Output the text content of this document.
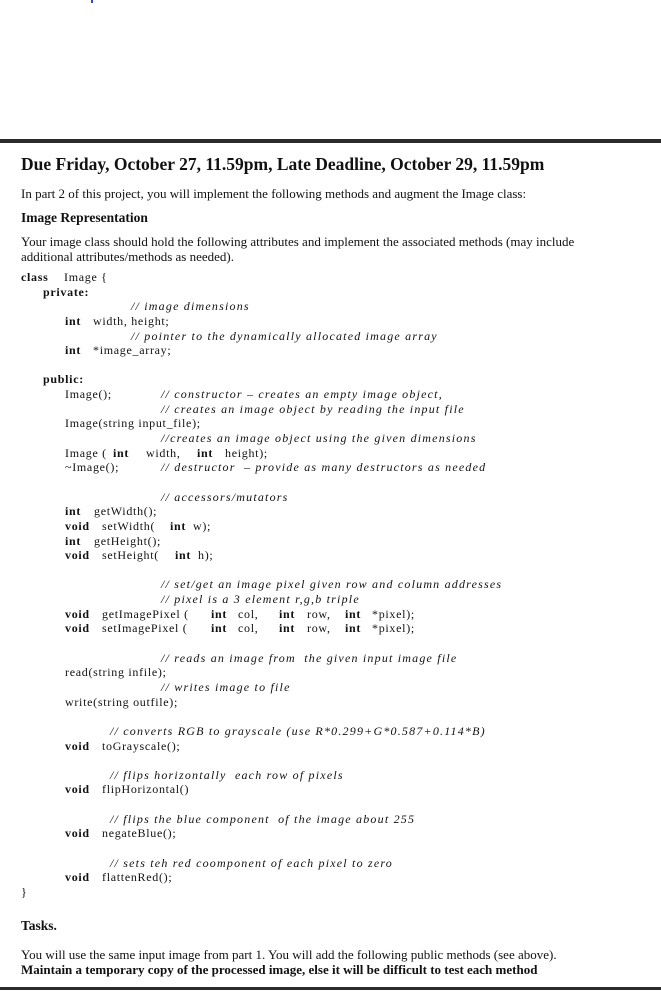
Due Friday, October 27, 11.59pm, Late Deadline, October 29, 11.59pm
In part 2 of this project, you will implement the following methods and augment the Image class:
Image Representation
Your image class should hold the following attributes and implement the associated methods (may include
additional attributes/methods as needed).
class Image {
private:
// image dimensions
int width, height;
// pointer to the dynamically allocated image array
int *image_array;
public:
Image();	// constructor – creates an empty image object,
// creates an image object by reading the input file
Image(string input_file);
//creates an image object using the given dimensions
Image ( int width, int height);
~Image();	// destructor  – provide as many destructors as needed
// accessors/mutators
int getWidth();
void setWidth( int w);
int getHeight();
void setHeight( int h);
// set/get an image pixel given row and column addresses
// pixel is a 3 element r,g,b triple
void getImagePixel ( int col, int row, int *pixel);
void setImagePixel ( int col, int row, int *pixel);
// reads an image from  the given input image file
read(string infile);
// writes image to file
write(string outfile);
// converts RGB to grayscale (use R*0.299+G*0.587+0.114*B)
void toGrayscale();
// flips horizontally  each row of pixels
void flipHorizontal()
// flips the blue component  of the image about 255
void negateBlue();
// sets teh red coomponent of each pixel to zero
void flattenRed();
}
Tasks.
You will use the same input image from part 1. You will add the following public methods (see above).
Maintain a temporary copy of the processed image, else it will be difficult to test each method
